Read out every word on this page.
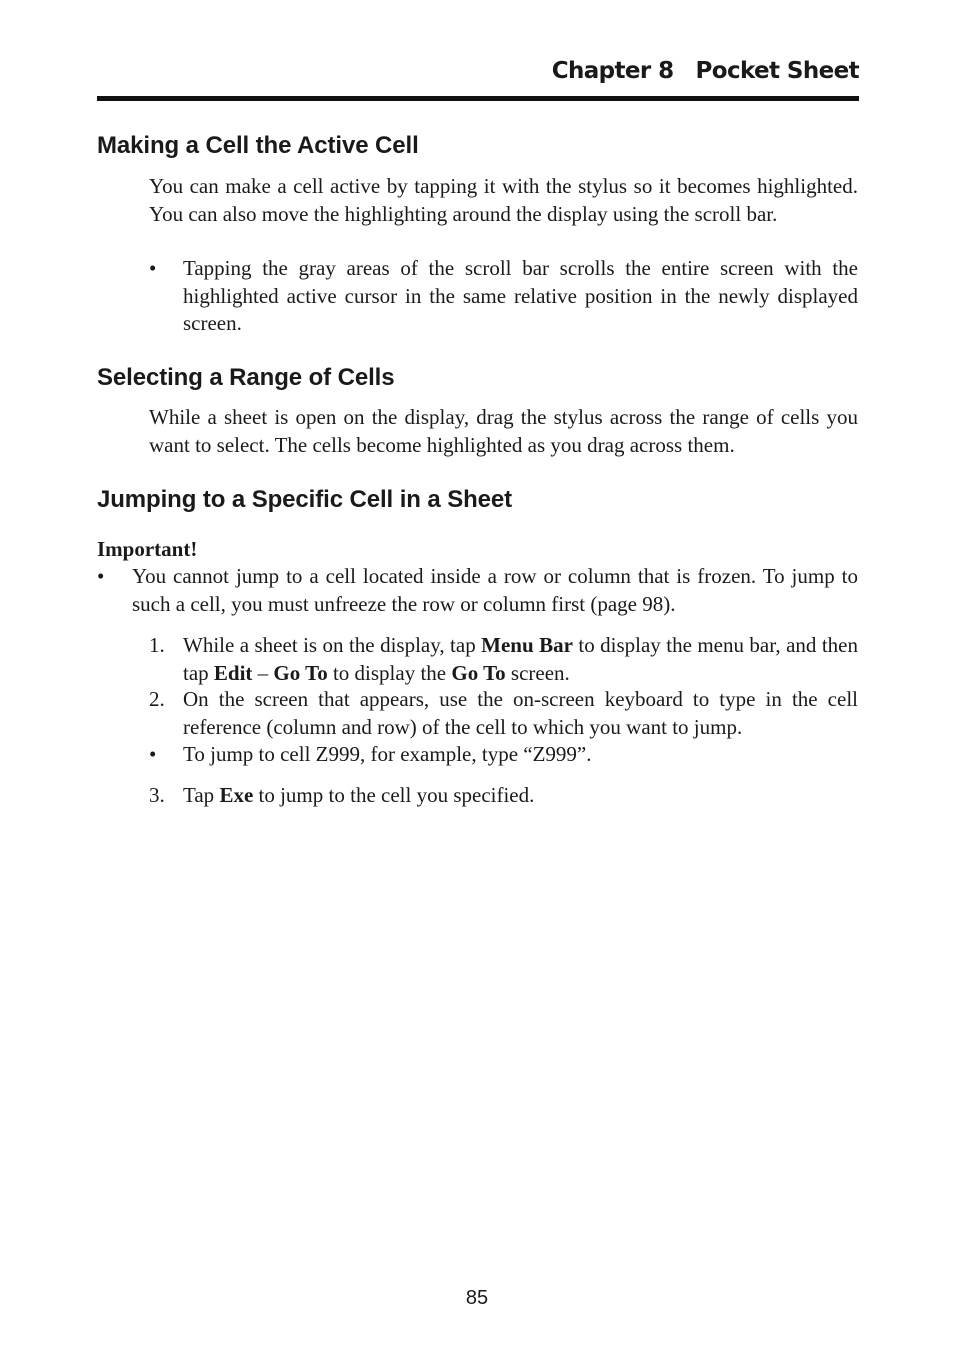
Chapter 8 Pocket Sheet
Making a Cell the Active Cell

You can make a cell active by tapping it with the stylus so it becomes highlighted. You can also move the highlighting around the display using the scroll bar.

•	Tapping the gray areas of the scroll bar scrolls the entire screen with the highlighted active cursor in the same relative position in the newly displayed screen.

Selecting a Range of Cells

While a sheet is open on the display, drag the stylus across the range of cells you want to select. The cells become highlighted as you drag across them.

Jumping to a Specific Cell in a Sheet

Important!

•	You cannot jump to a cell located inside a row or column that is frozen. To jump to such a cell, you must unfreeze the row or column first (page 98).

1. While a sheet is on the display, tap Menu Bar to display the menu bar, and then tap Edit – Go To to display the Go To screen.

2. On the screen that appears, use the on-screen keyboard to type in the cell reference (column and row) of the cell to which you want to jump.

•	To jump to cell Z999, for example, type “Z999”.

3. Tap Exe to jump to the cell you specified.

85
